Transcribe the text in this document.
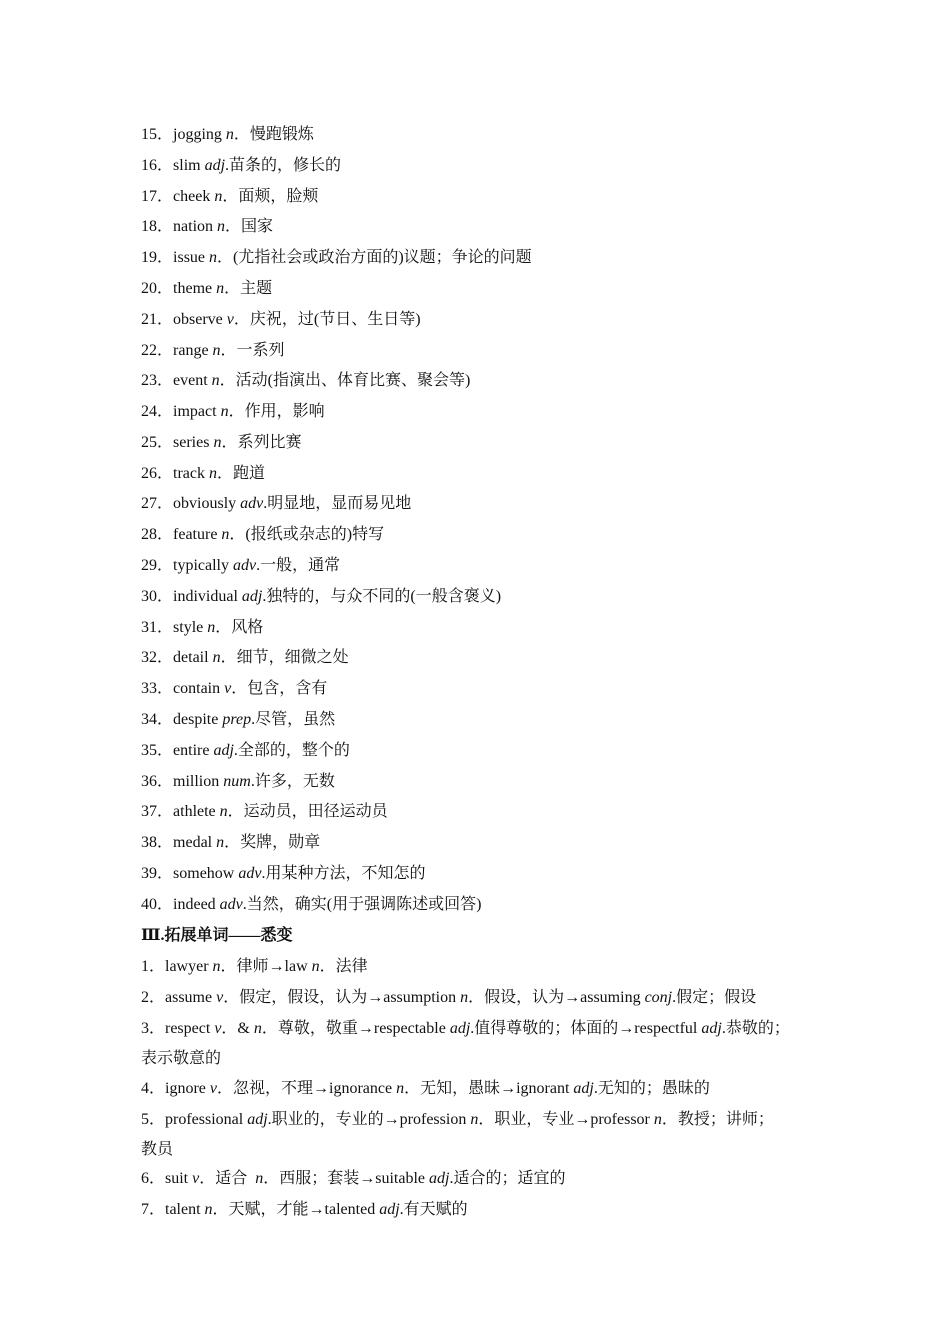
15．jogging n．慢跑锻炼
16．slim adj.苗条的，修长的
17．cheek n．面颊，脸颊
18．nation n．国家
19．issue n．(尤指社会或政治方面的)议题；争论的问题
20．theme n．主题
21．observe v．庆祝，过(节日、生日等)
22．range n．一系列
23．event n．活动(指演出、体育比赛、聚会等)
24．impact n．作用，影响
25．series n．系列比赛
26．track n．跑道
27．obviously adv.明显地，显而易见地
28．feature n．(报纸或杂志的)特写
29．typically adv.一般，通常
30．individual adj.独特的，与众不同的(一般含褒义)
31．style n．风格
32．detail n．细节，细微之处
33．contain v．包含，含有
34．despite prep.尽管，虽然
35．entire adj.全部的，整个的
36．million num.许多，无数
37．athlete n．运动员，田径运动员
38．medal n．奖牌，勋章
39．somehow adv.用某种方法，不知怎的
40．indeed adv.当然，确实(用于强调陈述或回答)
Ⅲ.拓展单词——悉变
1．lawyer n．律师→law n．法律
2．assume v．假定，假设，认为→assumption n．假设，认为→assuming conj.假定；假设
3．respect v．& n．尊敬，敬重→respectable adj.值得尊敬的；体面的→respectful adj.恭敬的；
表示敬意的
4．ignore v．忽视，不理→ignorance n．无知，愚昧→ignorant adj.无知的；愚昧的
5．professional adj.职业的，专业的→profession n．职业，专业→professor n．教授；讲师；
教员
6．suit v．适合  n．西服；套装→suitable adj.适合的；适宜的
7．talent n．天赋，才能→talented adj.有天赋的
